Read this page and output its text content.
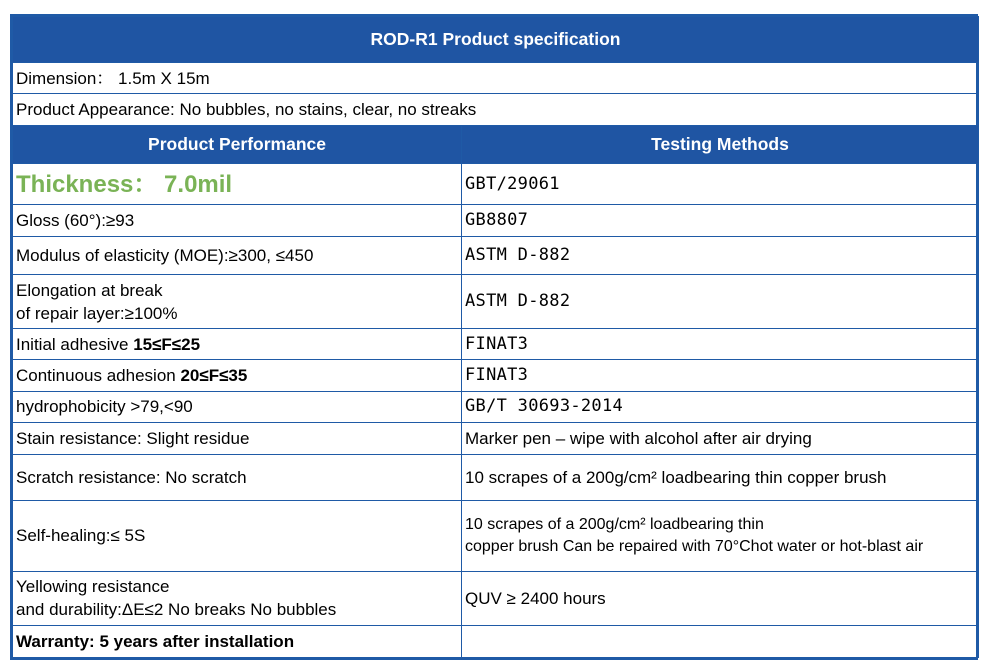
ROD-R1 Product specification	
Dimension： 1.5m X 15m	
Product Appearance: No bubbles, no stains, clear, no streaks	
Product Performance	Testing Methods
Thickness： 7.0mil	GBT/29061
Gloss (60°):≥93	GB8807
Modulus of elasticity (MOE):≥300, ≤450	ASTM D-882
Elongation at break
of repair layer:≥100%	ASTM D-882
Initial adhesive 15≤F≤25	FINAT3
Continuous adhesion 20≤F≤35	FINAT3
hydrophobicity >79,<90	GB/T 30693-2014
Stain resistance: Slight residue	Marker pen – wipe with alcohol after air drying
Scratch resistance: No scratch	10 scrapes of a 200g/cm² loadbearing thin copper brush
Self-healing:≤ 5S	10 scrapes of a 200g/cm² loadbearing thin
copper brush Can be repaired with 70°Chot water or hot-blast air
Yellowing resistance
and durability:ΔE≤2 No breaks No bubbles	QUV ≥ 2400 hours
Warranty: 5 years after installation	
